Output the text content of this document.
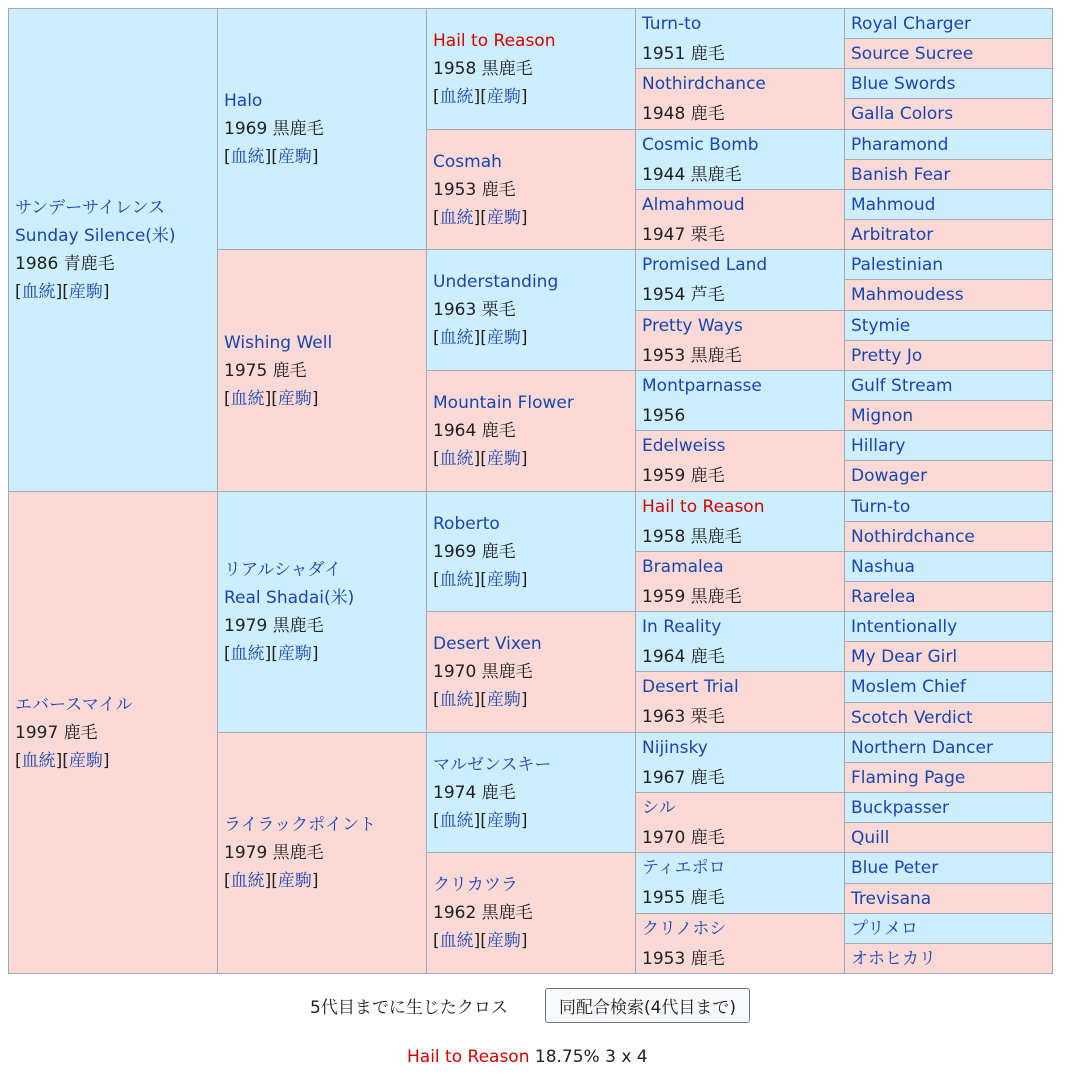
サンデーサイレンス
Sunday Silence(米)
1986 青鹿毛
[血統][産駒]
エバースマイル
1997 鹿毛
[血統][産駒]
Halo
1969 黒鹿毛
[血統][産駒]
Wishing Well
1975 鹿毛
[血統][産駒]
リアルシャダイ
Real Shadai(米)
1979 黒鹿毛
[血統][産駒]
ライラックポイント
1979 黒鹿毛
[血統][産駒]
Hail to Reason
1958 黒鹿毛
[血統][産駒]
Cosmah
1953 鹿毛
[血統][産駒]
Understanding
1963 栗毛
[血統][産駒]
Mountain Flower
1964 鹿毛
[血統][産駒]
Roberto
1969 鹿毛
[血統][産駒]
Desert Vixen
1970 黒鹿毛
[血統][産駒]
マルゼンスキー
1974 鹿毛
[血統][産駒]
クリカツラ
1962 黒鹿毛
[血統][産駒]
Turn-to
1951 鹿毛
Nothirdchance
1948 鹿毛
Cosmic Bomb
1944 黒鹿毛
Almahmoud
1947 栗毛
Promised Land
1954 芦毛
Pretty Ways
1953 黒鹿毛
Montparnasse
1956
Edelweiss
1959 鹿毛
Hail to Reason
1958 黒鹿毛
Bramalea
1959 黒鹿毛
In Reality
1964 鹿毛
Desert Trial
1963 栗毛
Nijinsky
1967 鹿毛
シル
1970 鹿毛
ティエポロ
1955 鹿毛
クリノホシ
1953 鹿毛
Royal Charger
Source Sucree
Blue Swords
Galla Colors
Pharamond
Banish Fear
Mahmoud
Arbitrator
Palestinian
Mahmoudess
Stymie
Pretty Jo
Gulf Stream
Mignon
Hillary
Dowager
Turn-to
Nothirdchance
Nashua
Rarelea
Intentionally
My Dear Girl
Moslem Chief
Scotch Verdict
Northern Dancer
Flaming Page
Buckpasser
Quill
Blue Peter
Trevisana
プリメロ
オホヒカリ
5代目までに生じたクロス	同配合検索(4代目まで)
Hail to Reason 18.75% 3 x 4
